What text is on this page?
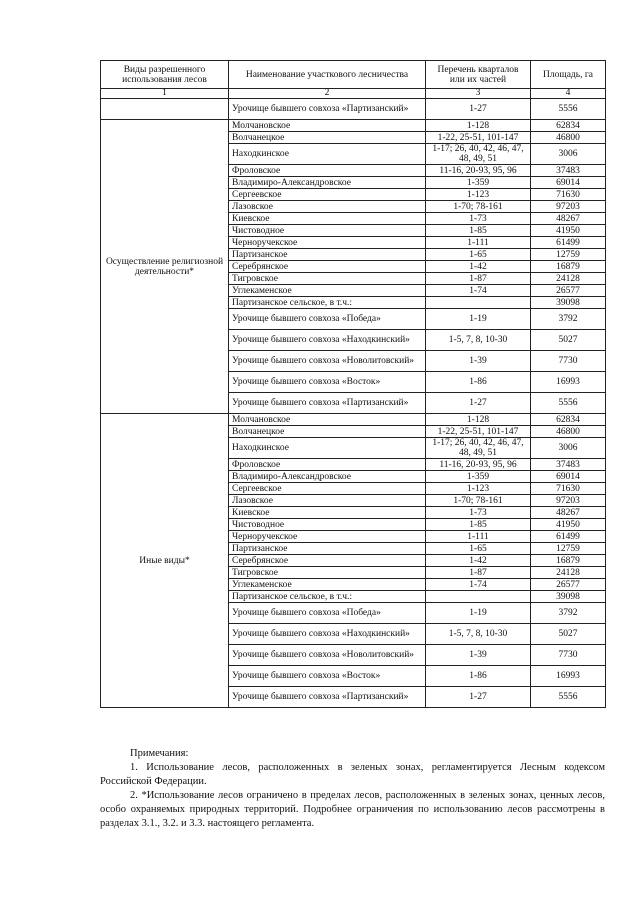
Виды разрешенного использования лесов	Наименование участкового лесничества	Перечень кварталов или их частей	Площадь, га
1	2	3	4
	Урочище бывшего совхоза «Партизанский»	1-27	5556
Осуществление религиозной деятельности*	Молчановское	1-128	62834
	Волчанецкое	1-22, 25-51, 101-147	46800
	Находкинское	1-17; 26, 40, 42, 46, 47, 48, 49, 51	3006
	Фроловское	11-16, 20-93, 95, 96	37483
	Владимиро-Александровское	1-359	69014
	Сергеевское	1-123	71630
	Лазовское	1-70; 78-161	97203
	Киевское	1-73	48267
	Чистоводное	1-85	41950
	Черноручекское	1-111	61499
	Партизанское	1-65	12759
	Серебрянское	1-42	16879
	Тигровское	1-87	24128
	Углекаменское	1-74	26577
	Партизанское сельское, в т.ч.:		39098
	Урочище бывшего совхоза «Победа»	1-19	3792
	Урочище бывшего совхоза «Находкинский»	1-5, 7, 8, 10-30	5027
	Урочище бывшего совхоза «Новолитовский»	1-39	7730
	Урочище бывшего совхоза «Восток»	1-86	16993
	Урочище бывшего совхоза «Партизанский»	1-27	5556
Иные виды*	Молчановское	1-128	62834
	Волчанецкое	1-22, 25-51, 101-147	46800
	Находкинское	1-17; 26, 40, 42, 46, 47, 48, 49, 51	3006
	Фроловское	11-16, 20-93, 95, 96	37483
	Владимиро-Александровское	1-359	69014
	Сергеевское	1-123	71630
	Лазовское	1-70; 78-161	97203
	Киевское	1-73	48267
	Чистоводное	1-85	41950
	Черноручекское	1-111	61499
	Партизанское	1-65	12759
	Серебрянское	1-42	16879
	Тигровское	1-87	24128
	Углекаменское	1-74	26577
	Партизанское сельское, в т.ч.:		39098
	Урочище бывшего совхоза «Победа»	1-19	3792
	Урочище бывшего совхоза «Находкинский»	1-5, 7, 8, 10-30	5027
	Урочище бывшего совхоза «Новолитовский»	1-39	7730
	Урочище бывшего совхоза «Восток»	1-86	16993
	Урочище бывшего совхоза «Партизанский»	1-27	5556

Примечания:

1. Использование лесов, расположенных в зеленых зонах, регламентируется Лесным кодексом Российской Федерации.

2. *Использование лесов ограничено в пределах лесов, расположенных в зеленых зонах, ценных лесов, особо охраняемых природных территорий. Подробнее ограничения по использованию лесов рассмотрены в разделах 3.1., 3.2. и 3.3. настоящего регламента.
